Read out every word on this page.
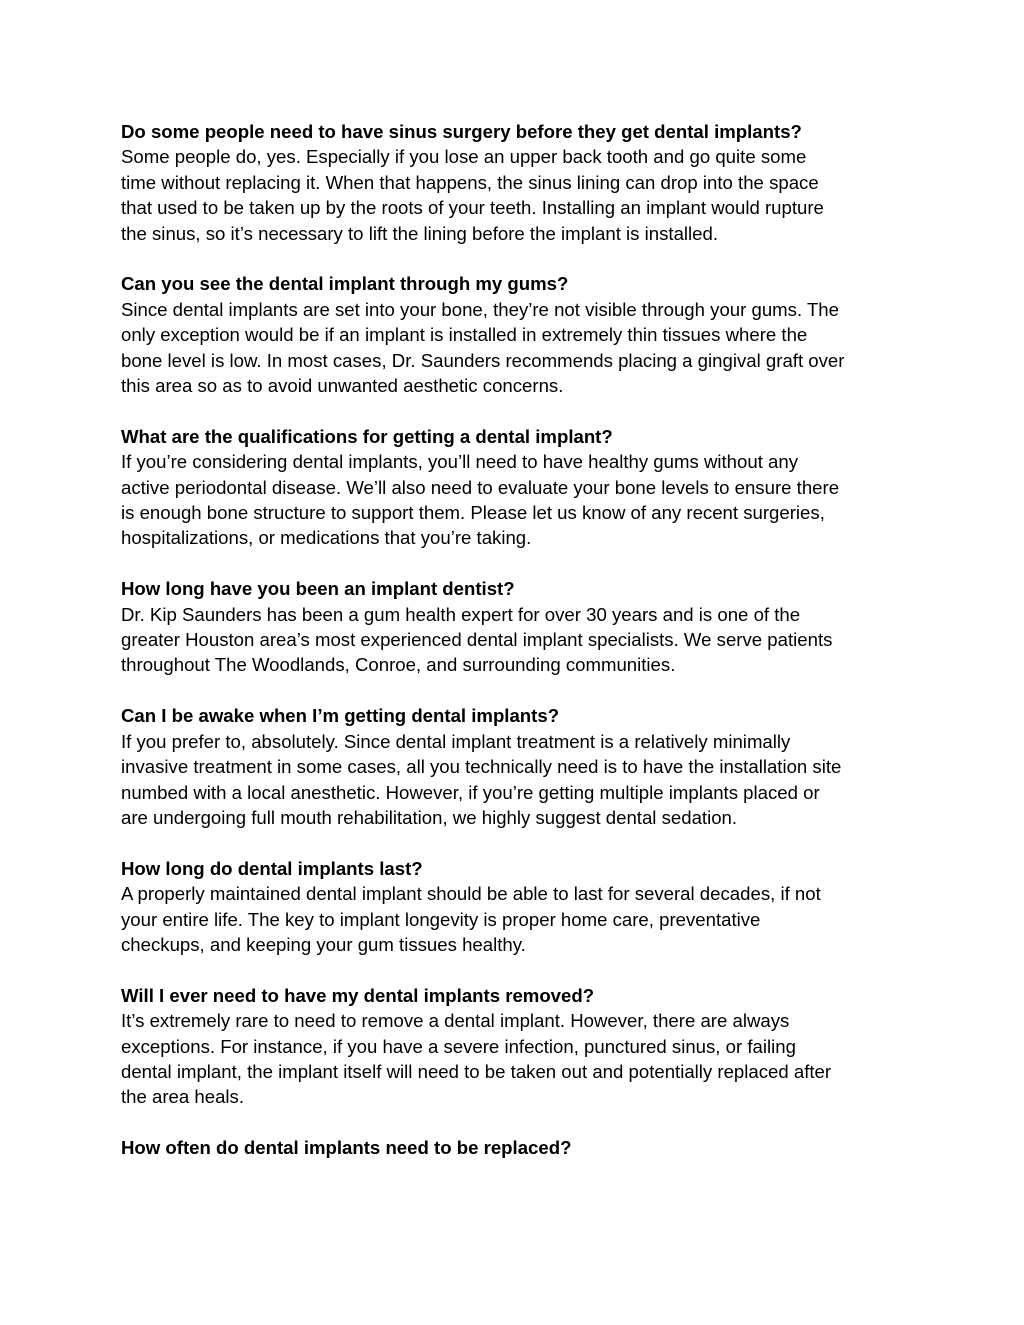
Do some people need to have sinus surgery before they get dental implants?
Some people do, yes. Especially if you lose an upper back tooth and go quite some
time without replacing it. When that happens, the sinus lining can drop into the space
that used to be taken up by the roots of your teeth. Installing an implant would rupture
the sinus, so it’s necessary to lift the lining before the implant is installed.
Can you see the dental implant through my gums?
Since dental implants are set into your bone, they’re not visible through your gums. The
only exception would be if an implant is installed in extremely thin tissues where the
bone level is low. In most cases, Dr. Saunders recommends placing a gingival graft over
this area so as to avoid unwanted aesthetic concerns.
What are the qualifications for getting a dental implant?
If you’re considering dental implants, you’ll need to have healthy gums without any
active periodontal disease. We’ll also need to evaluate your bone levels to ensure there
is enough bone structure to support them. Please let us know of any recent surgeries,
hospitalizations, or medications that you’re taking.
How long have you been an implant dentist?
Dr. Kip Saunders has been a gum health expert for over 30 years and is one of the
greater Houston area’s most experienced dental implant specialists. We serve patients
throughout The Woodlands, Conroe, and surrounding communities.
Can I be awake when I’m getting dental implants?
If you prefer to, absolutely. Since dental implant treatment is a relatively minimally
invasive treatment in some cases, all you technically need is to have the installation site
numbed with a local anesthetic. However, if you’re getting multiple implants placed or
are undergoing full mouth rehabilitation, we highly suggest dental sedation.
How long do dental implants last?
A properly maintained dental implant should be able to last for several decades, if not
your entire life. The key to implant longevity is proper home care, preventative
checkups, and keeping your gum tissues healthy.
Will I ever need to have my dental implants removed?
It’s extremely rare to need to remove a dental implant. However, there are always
exceptions. For instance, if you have a severe infection, punctured sinus, or failing
dental implant, the implant itself will need to be taken out and potentially replaced after
the area heals.
How often do dental implants need to be replaced?
